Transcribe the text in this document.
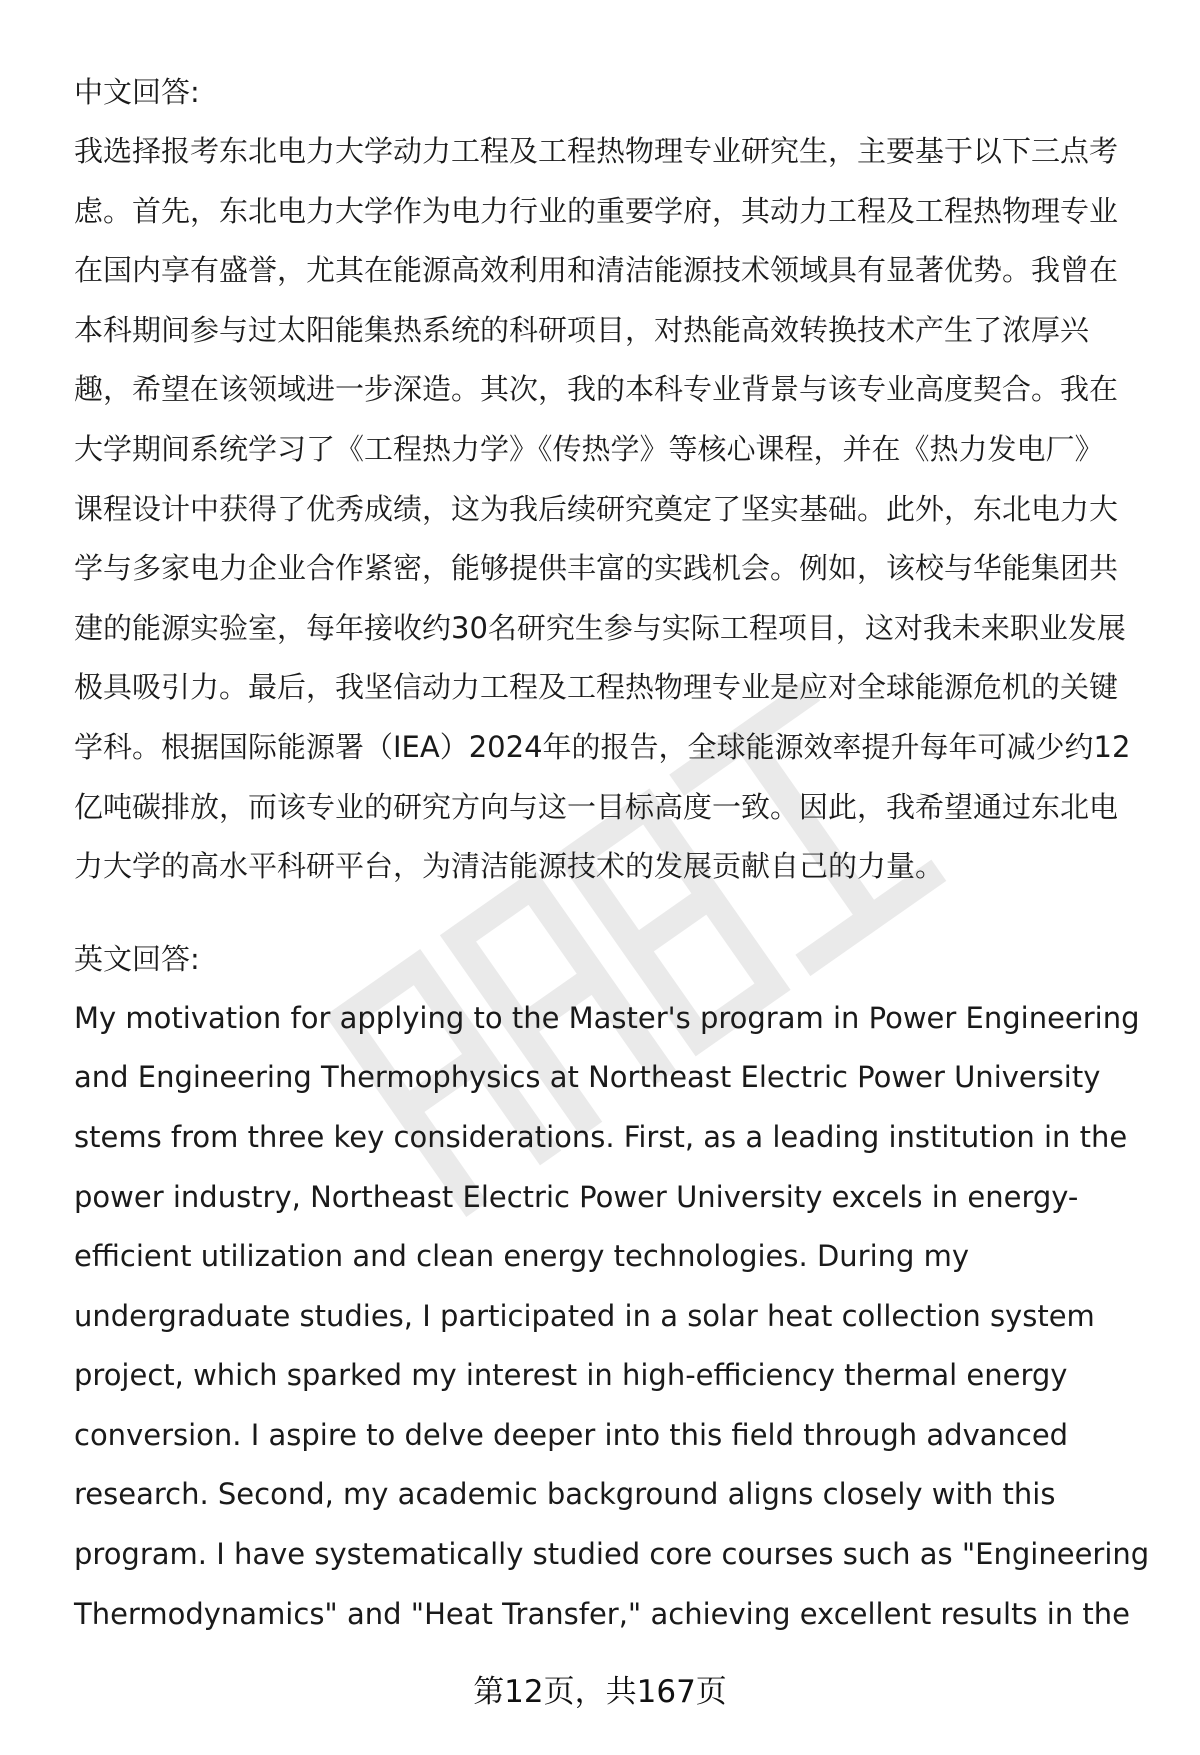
中文回答:
我选择报考东北电力大学动力工程及工程热物理专业研究生，主要基于以下三点考
虑。首先，东北电力大学作为电力行业的重要学府，其动力工程及工程热物理专业
在国内享有盛誉，尤其在能源高效利用和清洁能源技术领域具有显著优势。我曾在
本科期间参与过太阳能集热系统的科研项目，对热能高效转换技术产生了浓厚兴
趣，希望在该领域进一步深造。其次，我的本科专业背景与该专业高度契合。我在
大学期间系统学习了《工程热力学》《传热学》等核心课程，并在《热力发电厂》
课程设计中获得了优秀成绩，这为我后续研究奠定了坚实基础。此外，东北电力大
学与多家电力企业合作紧密，能够提供丰富的实践机会。例如，该校与华能集团共
建的能源实验室，每年接收约30名研究生参与实际工程项目，这对我未来职业发展
极具吸引力。最后，我坚信动力工程及工程热物理专业是应对全球能源危机的关键
学科。根据国际能源署（IEA）2024年的报告，全球能源效率提升每年可减少约12
亿吨碳排放，而该专业的研究方向与这一目标高度一致。因此，我希望通过东北电
力大学的高水平科研平台，为清洁能源技术的发展贡献自己的力量。
英文回答:
My motivation for applying to the Master's program in Power Engineering
and Engineering Thermophysics at Northeast Electric Power University
stems from three key considerations. First, as a leading institution in the
power industry, Northeast Electric Power University excels in energy-
efficient utilization and clean energy technologies. During my
undergraduate studies, I participated in a solar heat collection system
project, which sparked my interest in high-efficiency thermal energy
conversion. I aspire to delve deeper into this field through advanced
research. Second, my academic background aligns closely with this
program. I have systematically studied core courses such as "Engineering
Thermodynamics" and "Heat Transfer," achieving excellent results in the
第12页，共167页
